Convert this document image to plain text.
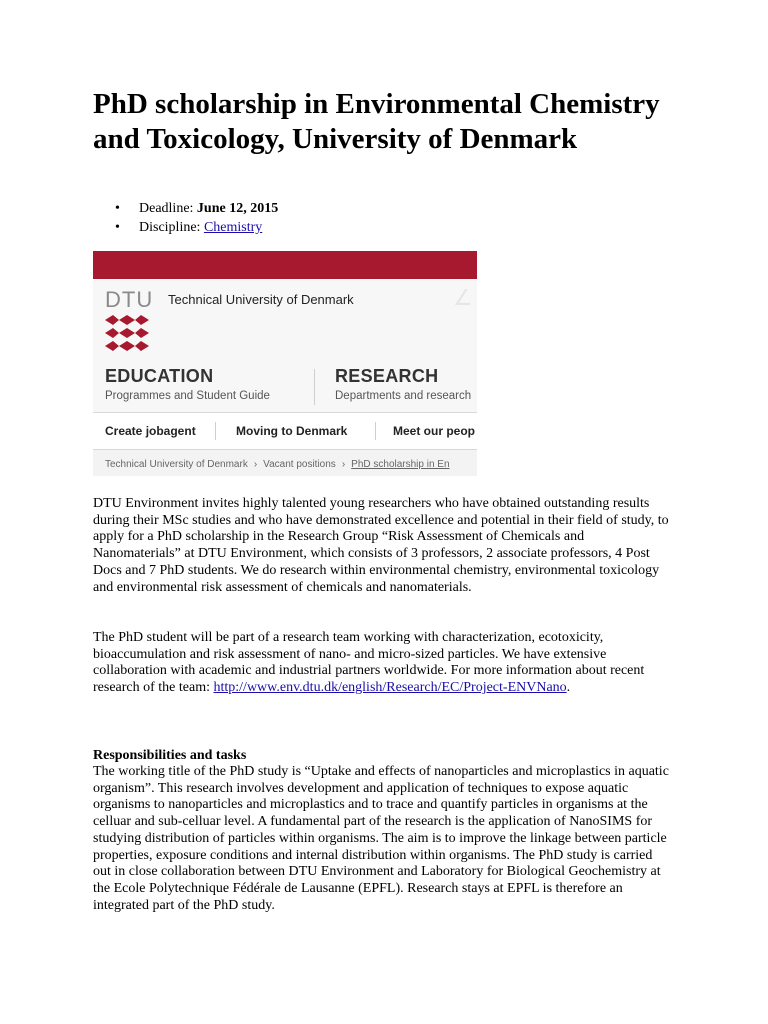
PhD scholarship in Environmental Chemistry and Toxicology, University of Denmark
• Deadline: June 12, 2015
• Discipline: Chemistry
DTU Technical University of Denmark	∠
EDUCATION
Programmes and Student Guide
RESEARCH
Departments and research
Create jobagent	Moving to Denmark	Meet our peop
Technical University of Denmark › Vacant positions › PhD scholarship in En

DTU Environment invites highly talented young researchers who have obtained outstanding results during their MSc studies and who have demonstrated excellence and potential in their field of study, to apply for a PhD scholarship in the Research Group “Risk Assessment of Chemicals and Nanomaterials” at DTU Environment, which consists of 3 professors, 2 associate professors, 4 Post Docs and 7 PhD students. We do research within environmental chemistry, environmental toxicology and environmental risk assessment of chemicals and nanomaterials.

The PhD student will be part of a research team working with characterization, ecotoxicity, bioaccumulation and risk assessment of nano- and micro-sized particles. We have extensive collaboration with academic and industrial partners worldwide. For more information about recent research of the team: http://www.env.dtu.dk/english/Research/EC/Project-ENVNano.

Responsibilities and tasks

The working title of the PhD study is “Uptake and effects of nanoparticles and microplastics in aquatic organism”. This research involves development and application of techniques to expose aquatic organisms to nanoparticles and microplastics and to trace and quantify particles in organisms at the celluar and sub-celluar level. A fundamental part of the research is the application of NanoSIMS for studying distribution of particles within organisms. The aim is to improve the linkage between particle properties, exposure conditions and internal distribution within organisms. The PhD study is carried out in close collaboration between DTU Environment and Laboratory for Biological Geochemistry at the Ecole Polytechnique Fédérale de Lausanne (EPFL). Research stays at EPFL is therefore an integrated part of the PhD study.
